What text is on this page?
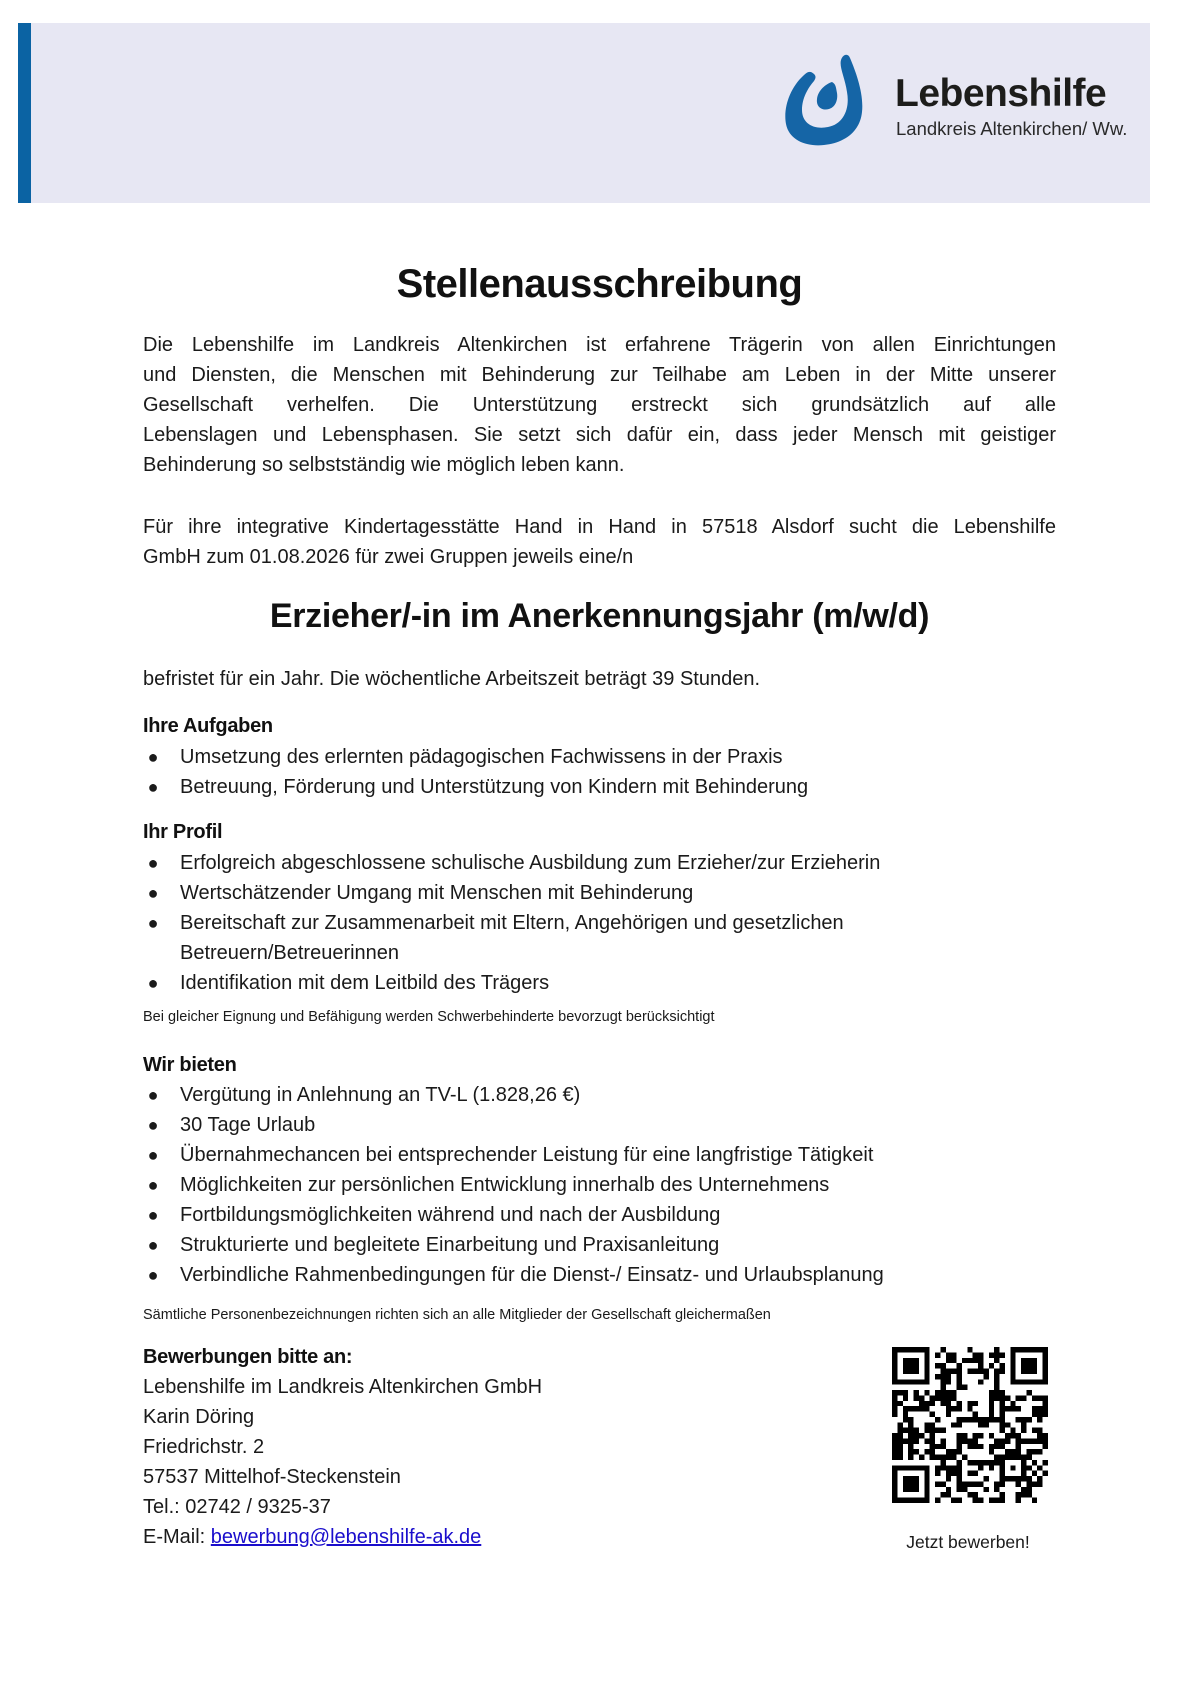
Lebenshilfe
Landkreis Altenkirchen/ Ww.
Stellenausschreibung
Die Lebenshilfe im Landkreis Altenkirchen ist erfahrene Trägerin von allen Einrichtungen
und Diensten, die Menschen mit Behinderung zur Teilhabe am Leben in der Mitte unserer
Gesellschaft verhelfen. Die Unterstützung erstreckt sich grundsätzlich auf alle
Lebenslagen und Lebensphasen. Sie setzt sich dafür ein, dass jeder Mensch mit geistiger
Behinderung so selbstständig wie möglich leben kann.
Für ihre integrative Kindertagesstätte Hand in Hand in 57518 Alsdorf sucht die Lebenshilfe
GmbH zum 01.08.2026 für zwei Gruppen jeweils eine/n
Erzieher/-in im Anerkennungsjahr (m/w/d)
befristet für ein Jahr. Die wöchentliche Arbeitszeit beträgt 39 Stunden.
Ihre Aufgaben
● Umsetzung des erlernten pädagogischen Fachwissens in der Praxis
● Betreuung, Förderung und Unterstützung von Kindern mit Behinderung
Ihr Profil
● Erfolgreich abgeschlossene schulische Ausbildung zum Erzieher/zur Erzieherin
● Wertschätzender Umgang mit Menschen mit Behinderung
● Bereitschaft zur Zusammenarbeit mit Eltern, Angehörigen und gesetzlichen
Betreuern/Betreuerinnen
● Identifikation mit dem Leitbild des Trägers
Bei gleicher Eignung und Befähigung werden Schwerbehinderte bevorzugt berücksichtigt
Wir bieten
● Vergütung in Anlehnung an TV-L (1.828,26 €)
● 30 Tage Urlaub
● Übernahmechancen bei entsprechender Leistung für eine langfristige Tätigkeit
● Möglichkeiten zur persönlichen Entwicklung innerhalb des Unternehmens
● Fortbildungsmöglichkeiten während und nach der Ausbildung
● Strukturierte und begleitete Einarbeitung und Praxisanleitung
● Verbindliche Rahmenbedingungen für die Dienst-/ Einsatz- und Urlaubsplanung
Sämtliche Personenbezeichnungen richten sich an alle Mitglieder der Gesellschaft gleichermaßen
Bewerbungen bitte an:
Lebenshilfe im Landkreis Altenkirchen GmbH
Karin Döring
Friedrichstr. 2
57537 Mittelhof-Steckenstein
Tel.: 02742 / 9325-37
E-Mail: bewerbung@lebenshilfe-ak.de	Jetzt bewerben!
